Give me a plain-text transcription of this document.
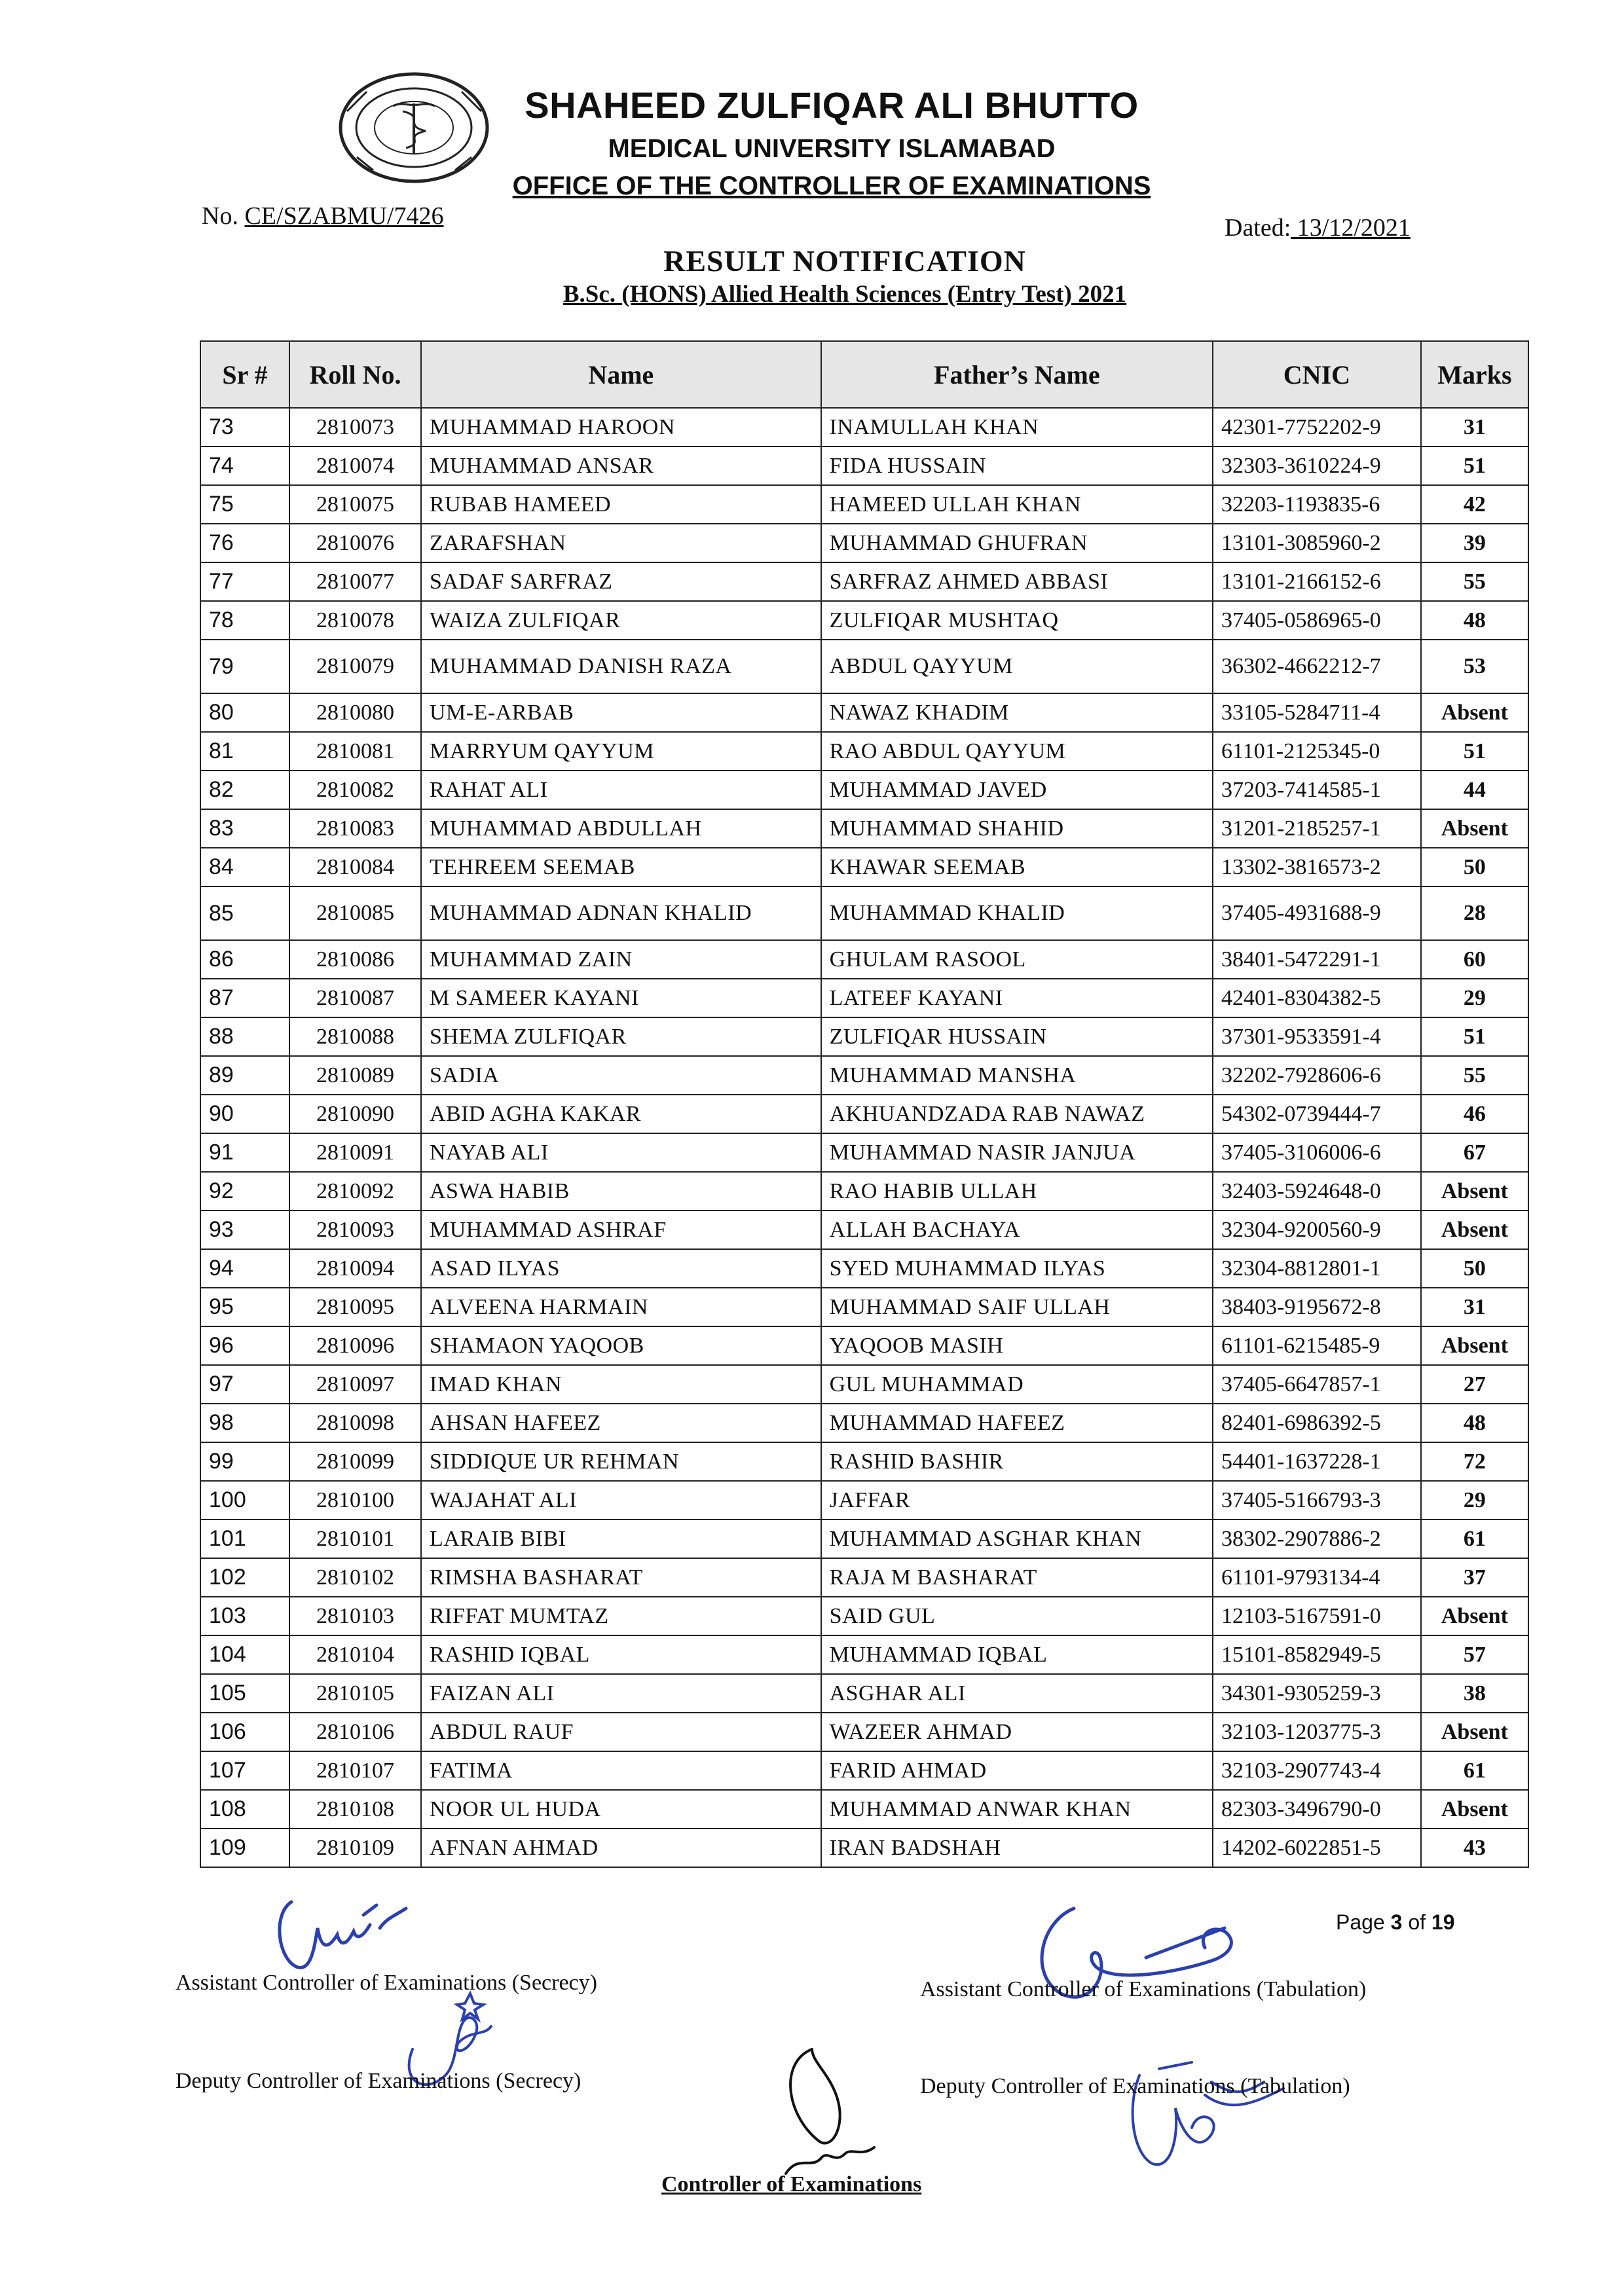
SHAHEED ZULFIQAR ALI BHUTTO
MEDICAL UNIVERSITY ISLAMABAD
OFFICE OF THE CONTROLLER OF EXAMINATIONS
No. CE/SZABMU/7426	Dated: 13/12/2021
RESULT NOTIFICATION
B.Sc. (HONS) Allied Health Sciences (Entry Test) 2021
Sr #	Roll No.	Name	Father’s Name	CNIC	Marks
73	2810073	MUHAMMAD HAROON	INAMULLAH KHAN	42301-7752202-9	31
74	2810074	MUHAMMAD ANSAR	FIDA HUSSAIN	32303-3610224-9	51
75	2810075	RUBAB HAMEED	HAMEED ULLAH KHAN	32203-1193835-6	42
76	2810076	ZARAFSHAN	MUHAMMAD GHUFRAN	13101-3085960-2	39
77	2810077	SADAF SARFRAZ	SARFRAZ AHMED ABBASI	13101-2166152-6	55
78	2810078	WAIZA ZULFIQAR	ZULFIQAR MUSHTAQ	37405-0586965-0	48
79	2810079	MUHAMMAD DANISH RAZA	ABDUL QAYYUM	36302-4662212-7	53
80	2810080	UM-E-ARBAB	NAWAZ KHADIM	33105-5284711-4	Absent
81	2810081	MARRYUM QAYYUM	RAO ABDUL QAYYUM	61101-2125345-0	51
82	2810082	RAHAT ALI	MUHAMMAD JAVED	37203-7414585-1	44
83	2810083	MUHAMMAD ABDULLAH	MUHAMMAD SHAHID	31201-2185257-1	Absent
84	2810084	TEHREEM SEEMAB	KHAWAR SEEMAB	13302-3816573-2	50
85	2810085	MUHAMMAD ADNAN KHALID	MUHAMMAD KHALID	37405-4931688-9	28
86	2810086	MUHAMMAD ZAIN	GHULAM RASOOL	38401-5472291-1	60
87	2810087	M SAMEER KAYANI	LATEEF KAYANI	42401-8304382-5	29
88	2810088	SHEMA ZULFIQAR	ZULFIQAR HUSSAIN	37301-9533591-4	51
89	2810089	SADIA	MUHAMMAD MANSHA	32202-7928606-6	55
90	2810090	ABID AGHA KAKAR	AKHUANDZADA RAB NAWAZ	54302-0739444-7	46
91	2810091	NAYAB ALI	MUHAMMAD NASIR JANJUA	37405-3106006-6	67
92	2810092	ASWA HABIB	RAO HABIB ULLAH	32403-5924648-0	Absent
93	2810093	MUHAMMAD ASHRAF	ALLAH BACHAYA	32304-9200560-9	Absent
94	2810094	ASAD ILYAS	SYED MUHAMMAD ILYAS	32304-8812801-1	50
95	2810095	ALVEENA HARMAIN	MUHAMMAD SAIF ULLAH	38403-9195672-8	31
96	2810096	SHAMAON YAQOOB	YAQOOB MASIH	61101-6215485-9	Absent
97	2810097	IMAD KHAN	GUL MUHAMMAD	37405-6647857-1	27
98	2810098	AHSAN HAFEEZ	MUHAMMAD HAFEEZ	82401-6986392-5	48
99	2810099	SIDDIQUE UR REHMAN	RASHID BASHIR	54401-1637228-1	72
100	2810100	WAJAHAT ALI	JAFFAR	37405-5166793-3	29
101	2810101	LARAIB BIBI	MUHAMMAD ASGHAR KHAN	38302-2907886-2	61
102	2810102	RIMSHA BASHARAT	RAJA M BASHARAT	61101-9793134-4	37
103	2810103	RIFFAT MUMTAZ	SAID GUL	12103-5167591-0	Absent
104	2810104	RASHID IQBAL	MUHAMMAD IQBAL	15101-8582949-5	57
105	2810105	FAIZAN ALI	ASGHAR ALI	34301-9305259-3	38
106	2810106	ABDUL RAUF	WAZEER AHMAD	32103-1203775-3	Absent
107	2810107	FATIMA	FARID AHMAD	32103-2907743-4	61
108	2810108	NOOR UL HUDA	MUHAMMAD ANWAR KHAN	82303-3496790-0	Absent
109	2810109	AFNAN AHMAD	IRAN BADSHAH	14202-6022851-5	43
Page 3 of 19
Assistant Controller of Examinations (Secrecy)	Assistant Controller of Examinations (Tabulation)
Deputy Controller of Examinations (Secrecy)	Deputy Controller of Examinations (Tabulation)
Controller of Examinations
